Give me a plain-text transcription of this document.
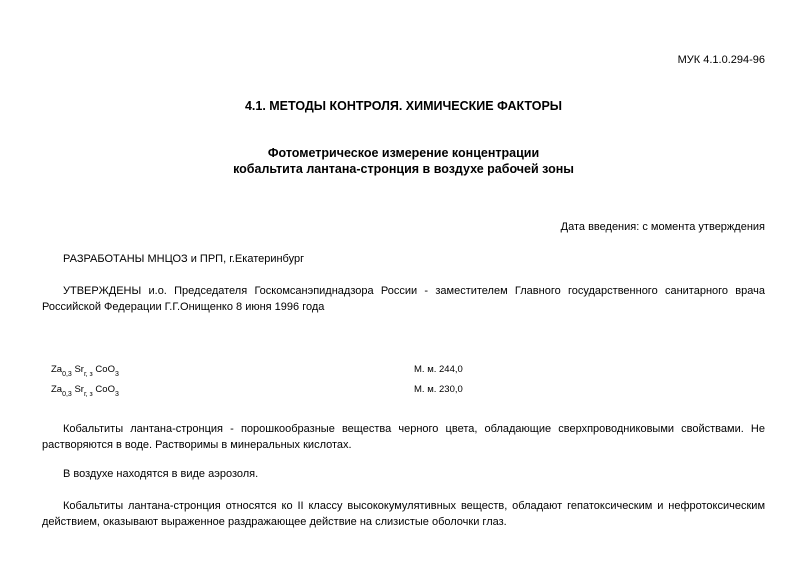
МУК 4.1.0.294-96
4.1. МЕТОДЫ КОНТРОЛЯ. ХИМИЧЕСКИЕ ФАКТОРЫ
Фотометрическое измерение концентрации
кобальтита лантана-стронция в воздухе рабочей зоны
Дата введения: с момента утверждения
РАЗРАБОТАНЫ МНЦОЗ и ПРП, г.Екатеринбург
УТВЕРЖДЕНЫ и.о. Председателя Госкомсанэпиднадзора России - заместителем Главного государственного санитарного врача Российской Федерации Г.Г.Онищенко 8 июня 1996 года
$Za_{0,3}$ $Sr_{г, з}$ CoO$_3$	М. м. 244,0
$Za_{0,3}$ $Sr_{г, з}$ CoO$_3$	М. м. 230,0
Кобальтиты лантана-стронция - порошкообразные вещества черного цвета, обладающие сверхпроводниковыми свойствами. Не растворяются в воде. Растворимы в минеральных кислотах.
В воздухе находятся в виде аэрозоля.
Кобальтиты лантана-стронция относятся ко II классу высококумулятивных веществ, обладают гепатоксическим и нефротоксическим действием, оказывают выраженное раздражающее действие на слизистые оболочки глаз.
